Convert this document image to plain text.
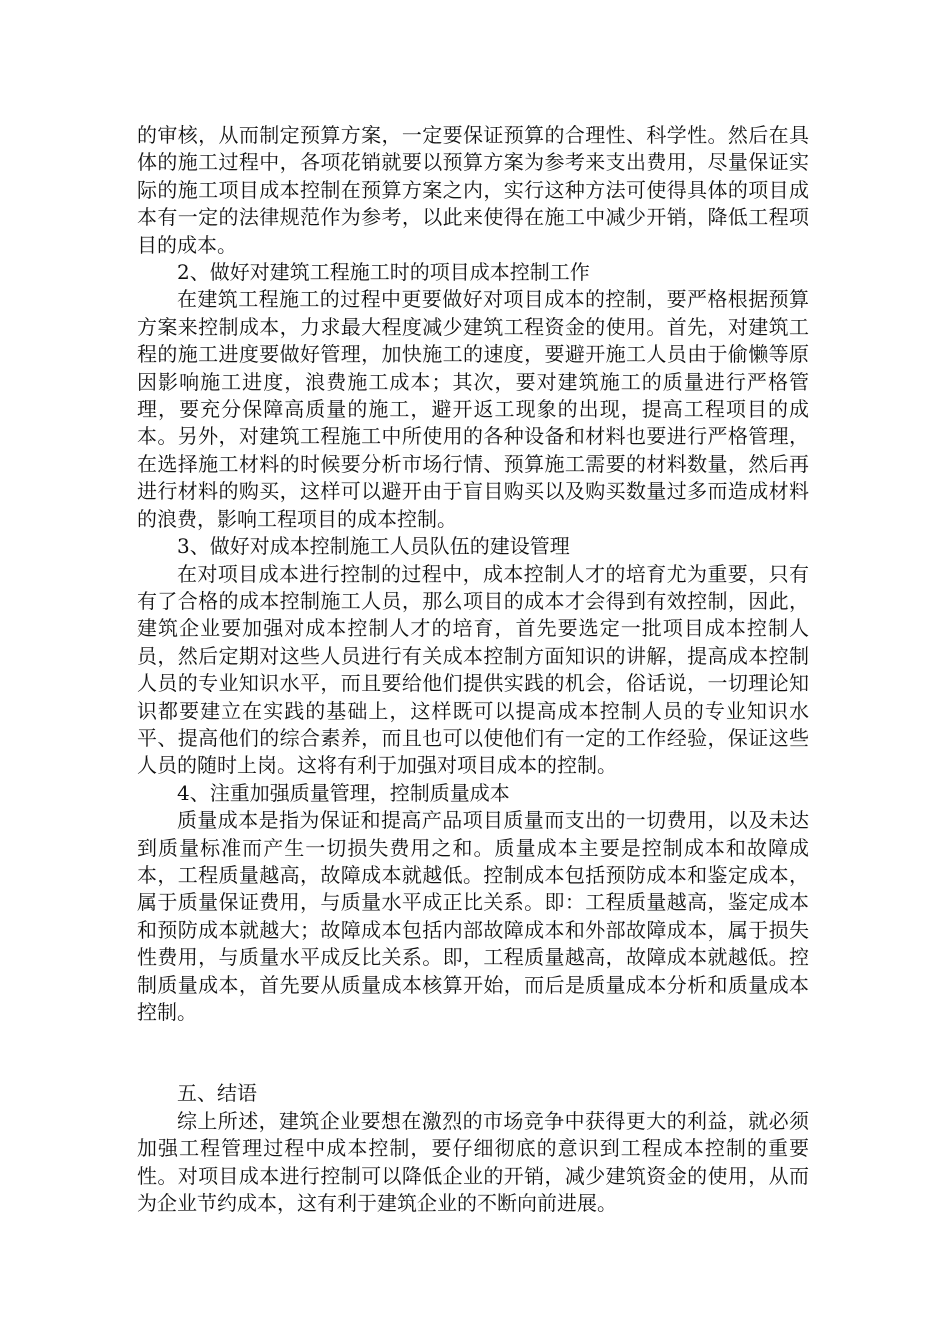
的审核，从而制定预算方案，一定要保证预算的合理性、科学性。然后在具体的施工过程中，各项花销就要以预算方案为参考来支出费用，尽量保证实际的施工项目成本控制在预算方案之内，实行这种方法可使得具体的项目成本有一定的法律规范作为参考，以此来使得在施工中减少开销，降低工程项目的成本。

2、做好对建筑工程施工时的项目成本控制工作

在建筑工程施工的过程中更要做好对项目成本的控制，要严格根据预算方案来控制成本，力求最大程度减少建筑工程资金的使用。首先，对建筑工程的施工进度要做好管理，加快施工的速度，要避开施工人员由于偷懒等原因影响施工进度，浪费施工成本；其次，要对建筑施工的质量进行严格管理，要充分保障高质量的施工，避开返工现象的出现，提高工程项目的成本。另外，对建筑工程施工中所使用的各种设备和材料也要进行严格管理，在选择施工材料的时候要分析市场行情、预算施工需要的材料数量，然后再进行材料的购买，这样可以避开由于盲目购买以及购买数量过多而造成材料的浪费，影响工程项目的成本控制。

3、做好对成本控制施工人员队伍的建设管理

在对项目成本进行控制的过程中，成本控制人才的培育尤为重要，只有有了合格的成本控制施工人员，那么项目的成本才会得到有效控制，因此，建筑企业要加强对成本控制人才的培育，首先要选定一批项目成本控制人员，然后定期对这些人员进行有关成本控制方面知识的讲解，提高成本控制人员的专业知识水平，而且要给他们提供实践的机会，俗话说，一切理论知识都要建立在实践的基础上，这样既可以提高成本控制人员的专业知识水平、提高他们的综合素养，而且也可以使他们有一定的工作经验，保证这些人员的随时上岗。这将有利于加强对项目成本的控制。

4、注重加强质量管理，控制质量成本

质量成本是指为保证和提高产品项目质量而支出的一切费用，以及未达到质量标准而产生一切损失费用之和。质量成本主要是控制成本和故障成本，工程质量越高，故障成本就越低。控制成本包括预防成本和鉴定成本，属于质量保证费用，与质量水平成正比关系。即：工程质量越高，鉴定成本和预防成本就越大；故障成本包括内部故障成本和外部故障成本，属于损失性费用，与质量水平成反比关系。即，工程质量越高，故障成本就越低。控制质量成本，首先要从质量成本核算开始，而后是质量成本分析和质量成本控制。

五、结语

综上所述，建筑企业要想在激烈的市场竞争中获得更大的利益，就必须加强工程管理过程中成本控制，要仔细彻底的意识到工程成本控制的重要性。对项目成本进行控制可以降低企业的开销，减少建筑资金的使用，从而为企业节约成本，这有利于建筑企业的不断向前进展。
